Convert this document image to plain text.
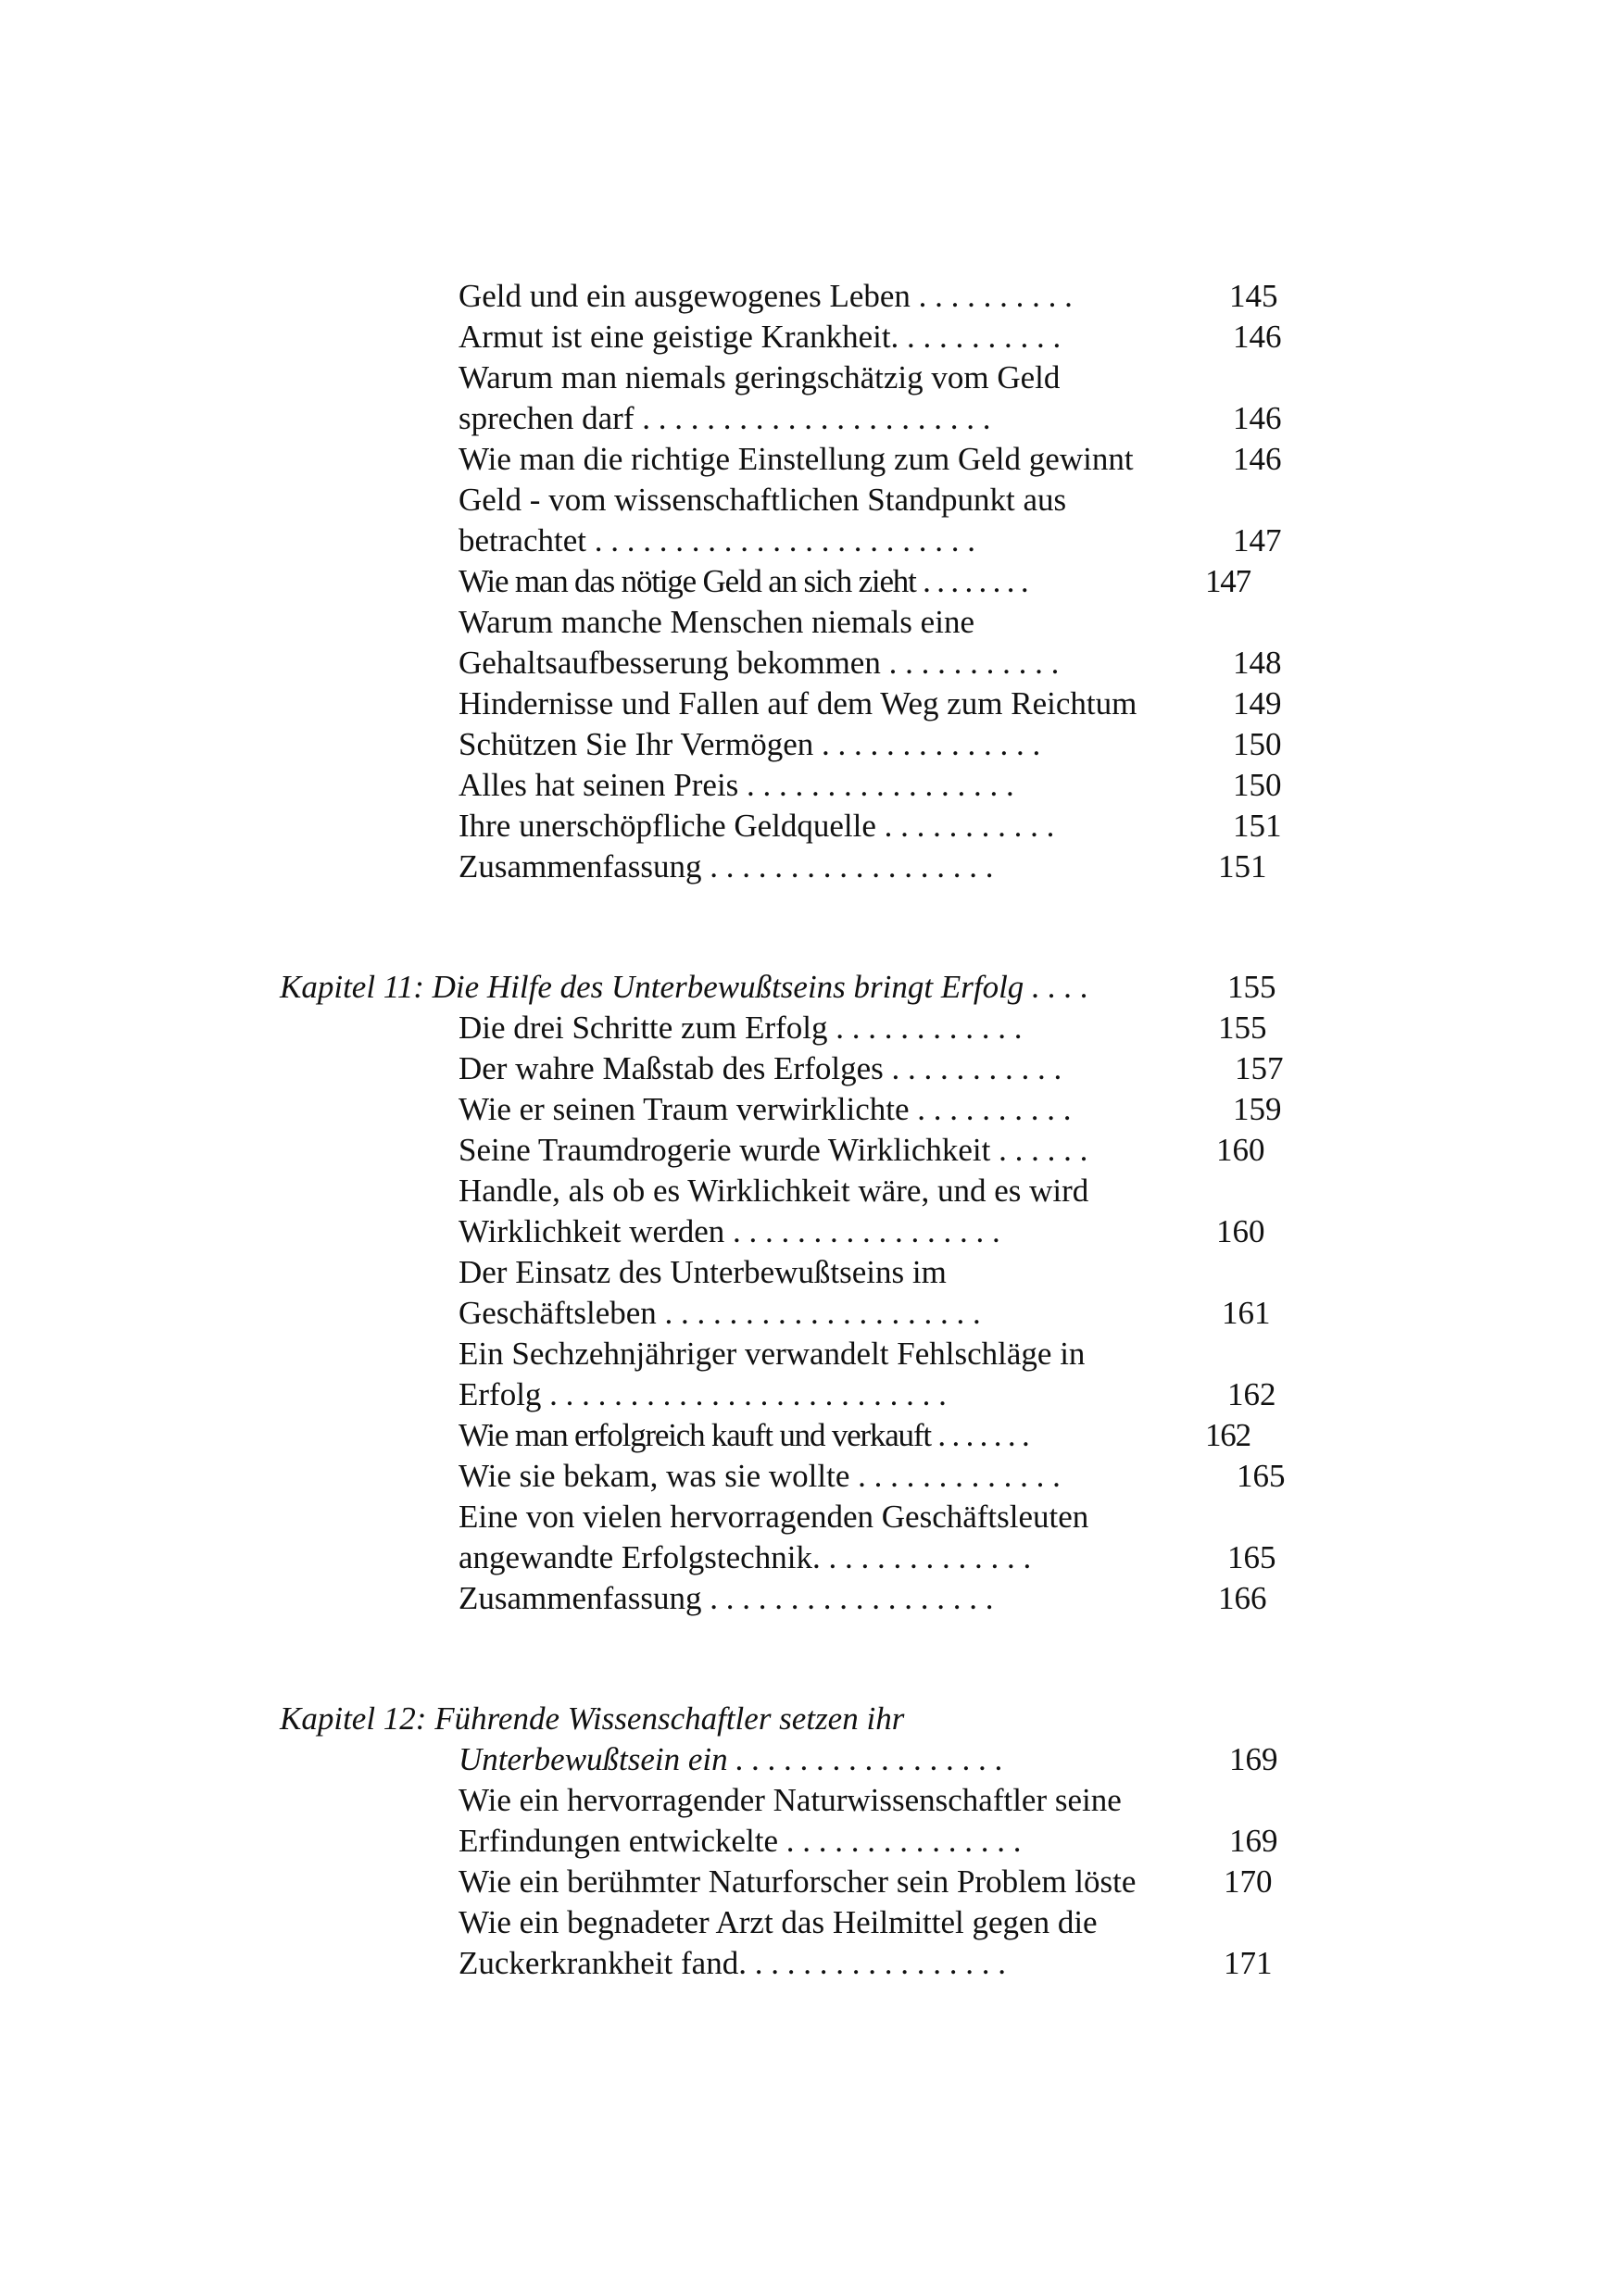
Geld und ein ausgewogenes Leben . . . . . . . . . .	145
Armut ist eine geistige Krankheit. . . . . . . . . . .	146
Warum man niemals geringschätzig vom Geld
sprechen darf . . . . . . . . . . . . . . . . . . . . . .	146
Wie man die richtige Einstellung zum Geld gewinnt	146
Geld - vom wissenschaftlichen Standpunkt aus
betrachtet . . . . . . . . . . . . . . . . . . . . . . . .	147
Wie man das nötige Geld an sich zieht . . . . . . . .	147
Warum manche Menschen niemals eine
Gehaltsaufbesserung bekommen . . . . . . . . . . .	148
Hindernisse und Fallen auf dem Weg zum Reichtum	149
Schützen Sie Ihr Vermögen . . . . . . . . . . . . . .	150
Alles hat seinen Preis . . . . . . . . . . . . . . . . .	150
Ihre unerschöpfliche Geldquelle . . . . . . . . . . .	151
Zusammenfassung . . . . . . . . . . . . . . . . . .	151
Kapitel 11: Die Hilfe des Unterbewußtseins bringt Erfolg . . . .	155
Die drei Schritte zum Erfolg . . . . . . . . . . . .	155
Der wahre Maßstab des Erfolges . . . . . . . . . . .	157
Wie er seinen Traum verwirklichte . . . . . . . . . .	159
Seine Traumdrogerie wurde Wirklichkeit . . . . . .	160
Handle, als ob es Wirklichkeit wäre, und es wird
Wirklichkeit werden . . . . . . . . . . . . . . . . .	160
Der Einsatz des Unterbewußtseins im
Geschäftsleben . . . . . . . . . . . . . . . . . . . .	161
Ein Sechzehnjähriger verwandelt Fehlschläge in
Erfolg . . . . . . . . . . . . . . . . . . . . . . . . .	162
Wie man erfolgreich kauft und verkauft . . . . . . .	162
Wie sie bekam, was sie wollte . . . . . . . . . . . . .	165
Eine von vielen hervorragenden Geschäftsleuten
angewandte Erfolgstechnik. . . . . . . . . . . . . .	165
Zusammenfassung . . . . . . . . . . . . . . . . . .	166
Kapitel 12: Führende Wissenschaftler setzen ihr
Unterbewußtsein ein . . . . . . . . . . . . . . . . .	169
Wie ein hervorragender Naturwissenschaftler seine
Erfindungen entwickelte . . . . . . . . . . . . . . .	169
Wie ein berühmter Naturforscher sein Problem löste	170
Wie ein begnadeter Arzt das Heilmittel gegen die
Zuckerkrankheit fand. . . . . . . . . . . . . . . . .	171
